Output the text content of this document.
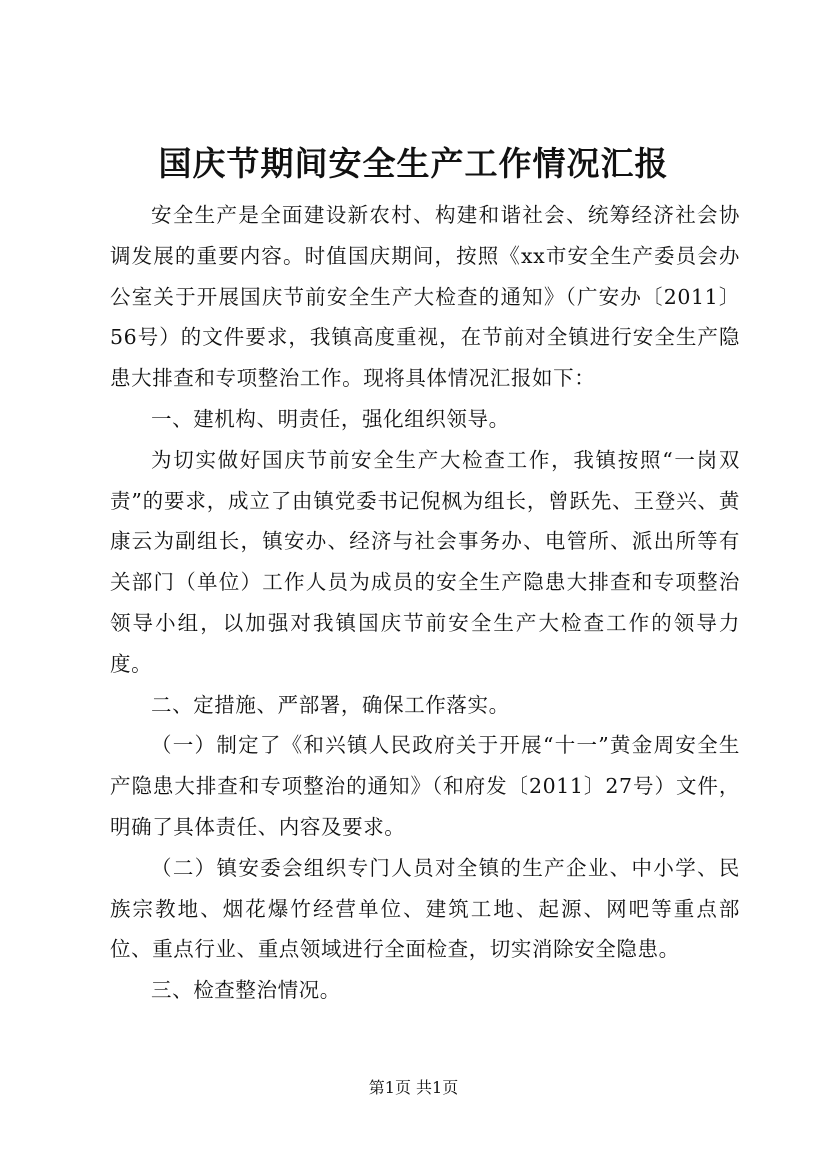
国庆节期间安全生产工作情况汇报

安全生产是全面建设新农村、构建和谐社会、统筹经济社会协调发展的重要内容。时值国庆期间，按照《xx市安全生产委员会办公室关于开展国庆节前安全生产大检查的通知》（广安办〔2011〕56号）的文件要求，我镇高度重视，在节前对全镇进行安全生产隐患大排查和专项整治工作。现将具体情况汇报如下：

一、建机构、明责任，强化组织领导。

为切实做好国庆节前安全生产大检查工作，我镇按照“一岗双责”的要求，成立了由镇党委书记倪枫为组长，曾跃先、王登兴、黄康云为副组长，镇安办、经济与社会事务办、电管所、派出所等有关部门（单位）工作人员为成员的安全生产隐患大排查和专项整治领导小组，以加强对我镇国庆节前安全生产大检查工作的领导力度。

二、定措施、严部署，确保工作落实。

（一）制定了《和兴镇人民政府关于开展“十一”黄金周安全生产隐患大排查和专项整治的通知》（和府发〔2011〕27号）文件，明确了具体责任、内容及要求。

（二）镇安委会组织专门人员对全镇的生产企业、中小学、民族宗教地、烟花爆竹经营单位、建筑工地、起源、网吧等重点部位、重点行业、重点领域进行全面检查，切实消除安全隐患。

三、检查整治情况。

第1页 共1页
